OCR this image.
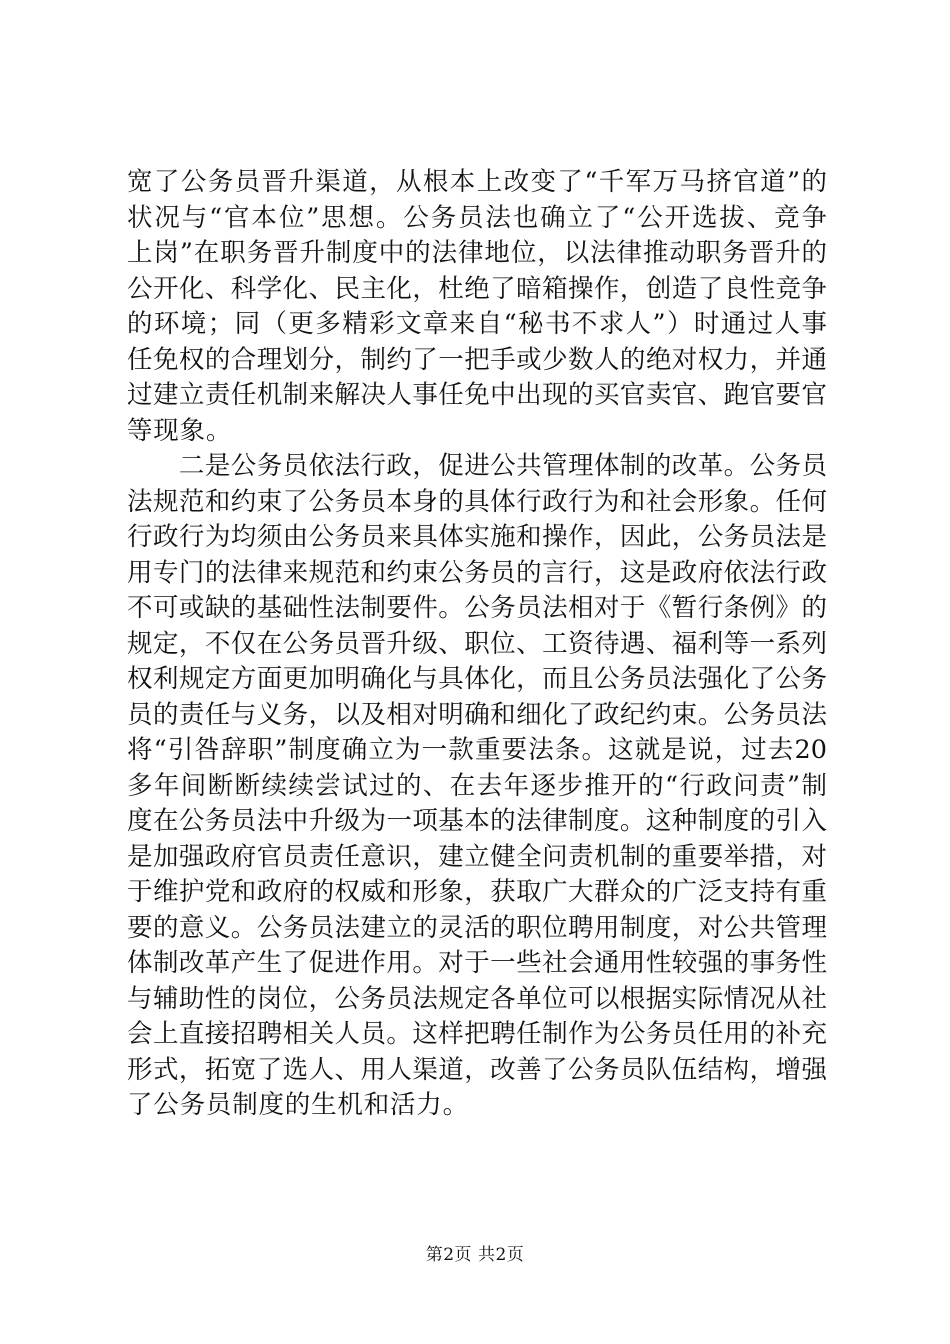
宽了公务员晋升渠道，从根本上改变了“千军万马挤官道”的
状况与“官本位”思想。公务员法也确立了“公开选拔、竞争
上岗”在职务晋升制度中的法律地位，以法律推动职务晋升的
公开化、科学化、民主化，杜绝了暗箱操作，创造了良性竞争
的环境；同（更多精彩文章来自“秘书不求人”）时通过人事
任免权的合理划分，制约了一把手或少数人的绝对权力，并通
过建立责任机制来解决人事任免中出现的买官卖官、跑官要官
等现象。
　　二是公务员依法行政，促进公共管理体制的改革。公务员
法规范和约束了公务员本身的具体行政行为和社会形象。任何
行政行为均须由公务员来具体实施和操作，因此，公务员法是
用专门的法律来规范和约束公务员的言行，这是政府依法行政
不可或缺的基础性法制要件。公务员法相对于《暂行条例》的
规定，不仅在公务员晋升级、职位、工资待遇、福利等一系列
权利规定方面更加明确化与具体化，而且公务员法强化了公务
员的责任与义务，以及相对明确和细化了政纪约束。公务员法
将“引咎辞职”制度确立为一款重要法条。这就是说，过去20
多年间断断续续尝试过的、在去年逐步推开的“行政问责”制
度在公务员法中升级为一项基本的法律制度。这种制度的引入
是加强政府官员责任意识，建立健全问责机制的重要举措，对
于维护党和政府的权威和形象，获取广大群众的广泛支持有重
要的意义。公务员法建立的灵活的职位聘用制度，对公共管理
体制改革产生了促进作用。对于一些社会通用性较强的事务性
与辅助性的岗位，公务员法规定各单位可以根据实际情况从社
会上直接招聘相关人员。这样把聘任制作为公务员任用的补充
形式，拓宽了选人、用人渠道，改善了公务员队伍结构，增强
了公务员制度的生机和活力。
第2页 共2页
